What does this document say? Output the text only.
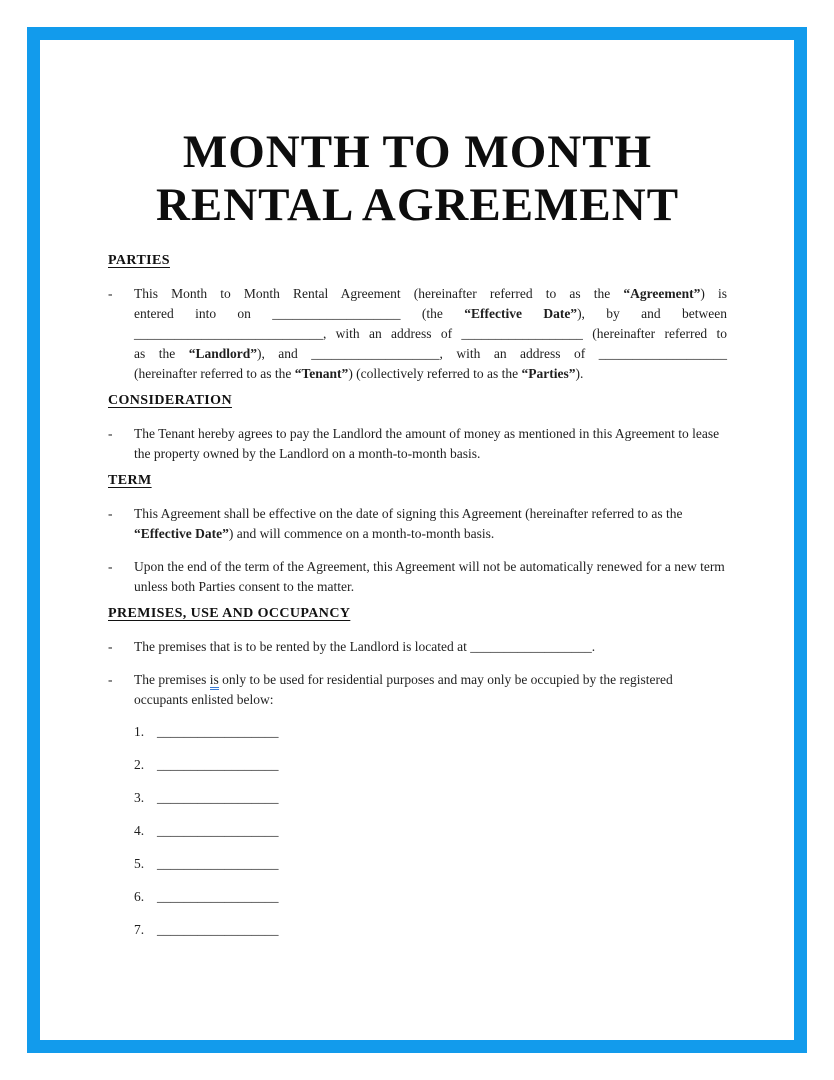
MONTH TO MONTH
RENTAL AGREEMENT
PARTIES
-	This Month to Month Rental Agreement (hereinafter referred to as the “Agreement”) is
entered into on ___________________ (the “Effective Date”), by and between
____________________________, with an address of __________________ (hereinafter referred to
as the “Landlord”), and ___________________, with an address of ___________________
(hereinafter referred to as the “Tenant”) (collectively referred to as the “Parties”).
CONSIDERATION
-	The Tenant hereby agrees to pay the Landlord the amount of money as mentioned in this Agreement to lease the property owned by the Landlord on a month-to-month basis.
TERM
-	This Agreement shall be effective on the date of signing this Agreement (hereinafter referred to as the “Effective Date”) and will commence on a month-to-month basis.
-	Upon the end of the term of the Agreement, this Agreement will not be automatically renewed for a new term unless both Parties consent to the matter.
PREMISES, USE AND OCCUPANCY
-	The premises that is to be rented by the Landlord is located at __________________.
-	The premises is only to be used for residential purposes and may only be occupied by the registered occupants enlisted below:
1. __________________
2. __________________
3. __________________
4. __________________
5. __________________
6. __________________
7. __________________
